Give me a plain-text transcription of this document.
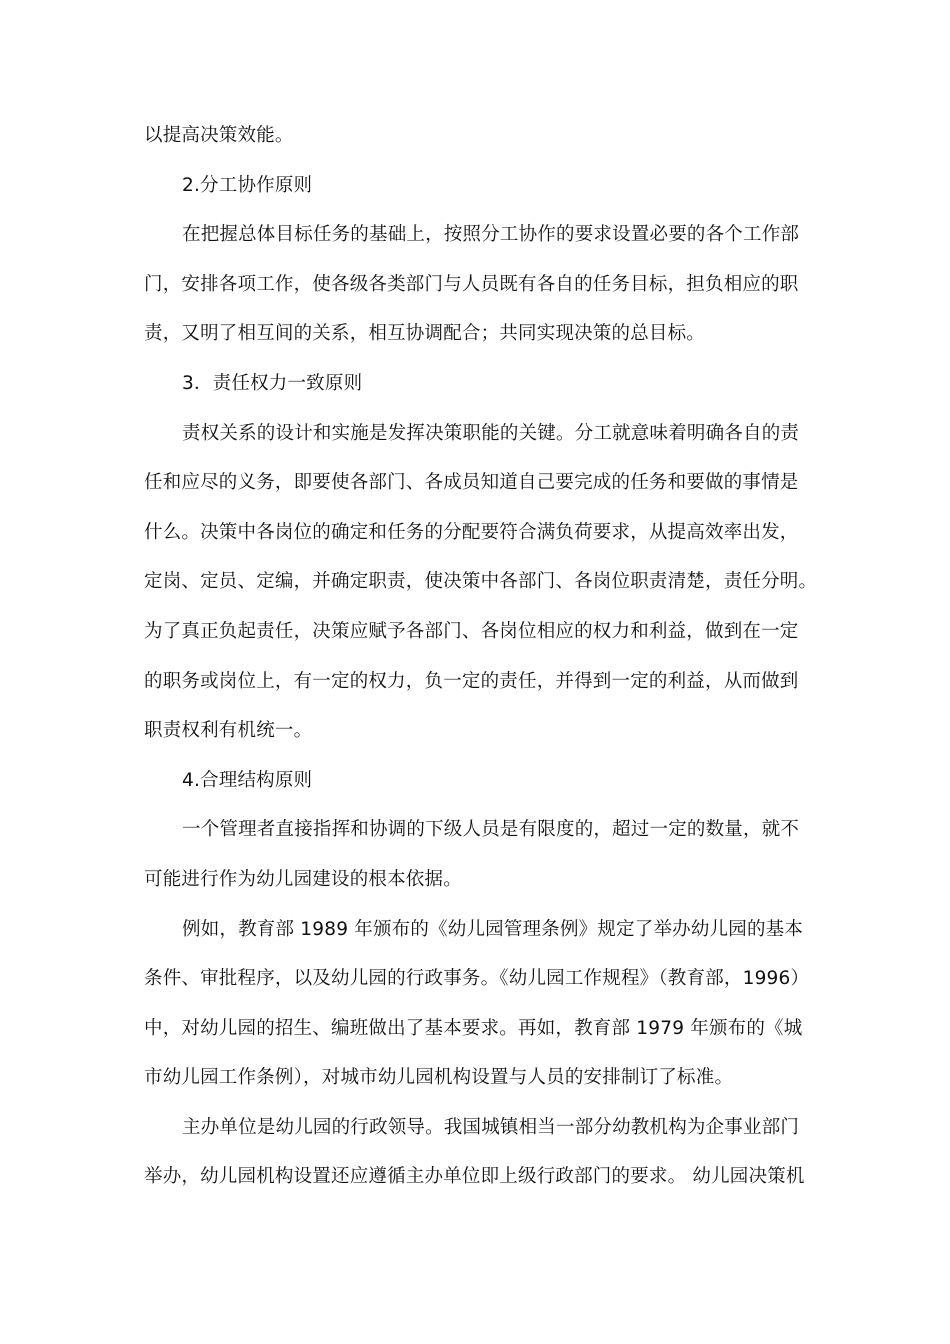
以提高决策效能。
2.分工协作原则
在把握总体目标任务的基础上，按照分工协作的要求设置必要的各个工作部
门，安排各项工作，使各级各类部门与人员既有各自的任务目标，担负相应的职
责，又明了相互间的关系，相互协调配合；共同实现决策的总目标。
3．责任权力一致原则
责权关系的设计和实施是发挥决策职能的关键。分工就意味着明确各自的责
任和应尽的义务，即要使各部门、各成员知道自己要完成的任务和要做的事情是
什么。决策中各岗位的确定和任务的分配要符合满负荷要求，从提高效率出发，
定岗、定员、定编，并确定职责，使决策中各部门、各岗位职责清楚，责任分明。
为了真正负起责任，决策应赋予各部门、各岗位相应的权力和利益，做到在一定
的职务或岗位上，有一定的权力，负一定的责任，并得到一定的利益，从而做到
职责权利有机统一。
4.合理结构原则
一个管理者直接指挥和协调的下级人员是有限度的，超过一定的数量，就不
可能进行作为幼儿园建设的根本依据。
例如，教育部 1989 年颁布的《幼儿园管理条例》规定了举办幼儿园的基本
条件、审批程序，以及幼儿园的行政事务。《幼儿园工作规程》（教育部，1996）
中，对幼儿园的招生、编班做出了基本要求。再如，教育部 1979 年颁布的《城
市幼儿园工作条例），对城市幼儿园机构设置与人员的安排制订了标准。
主办单位是幼儿园的行政领导。我国城镇相当一部分幼教机构为企事业部门
举办，幼儿园机构设置还应遵循主办单位即上级行政部门的要求。 幼儿园决策机
